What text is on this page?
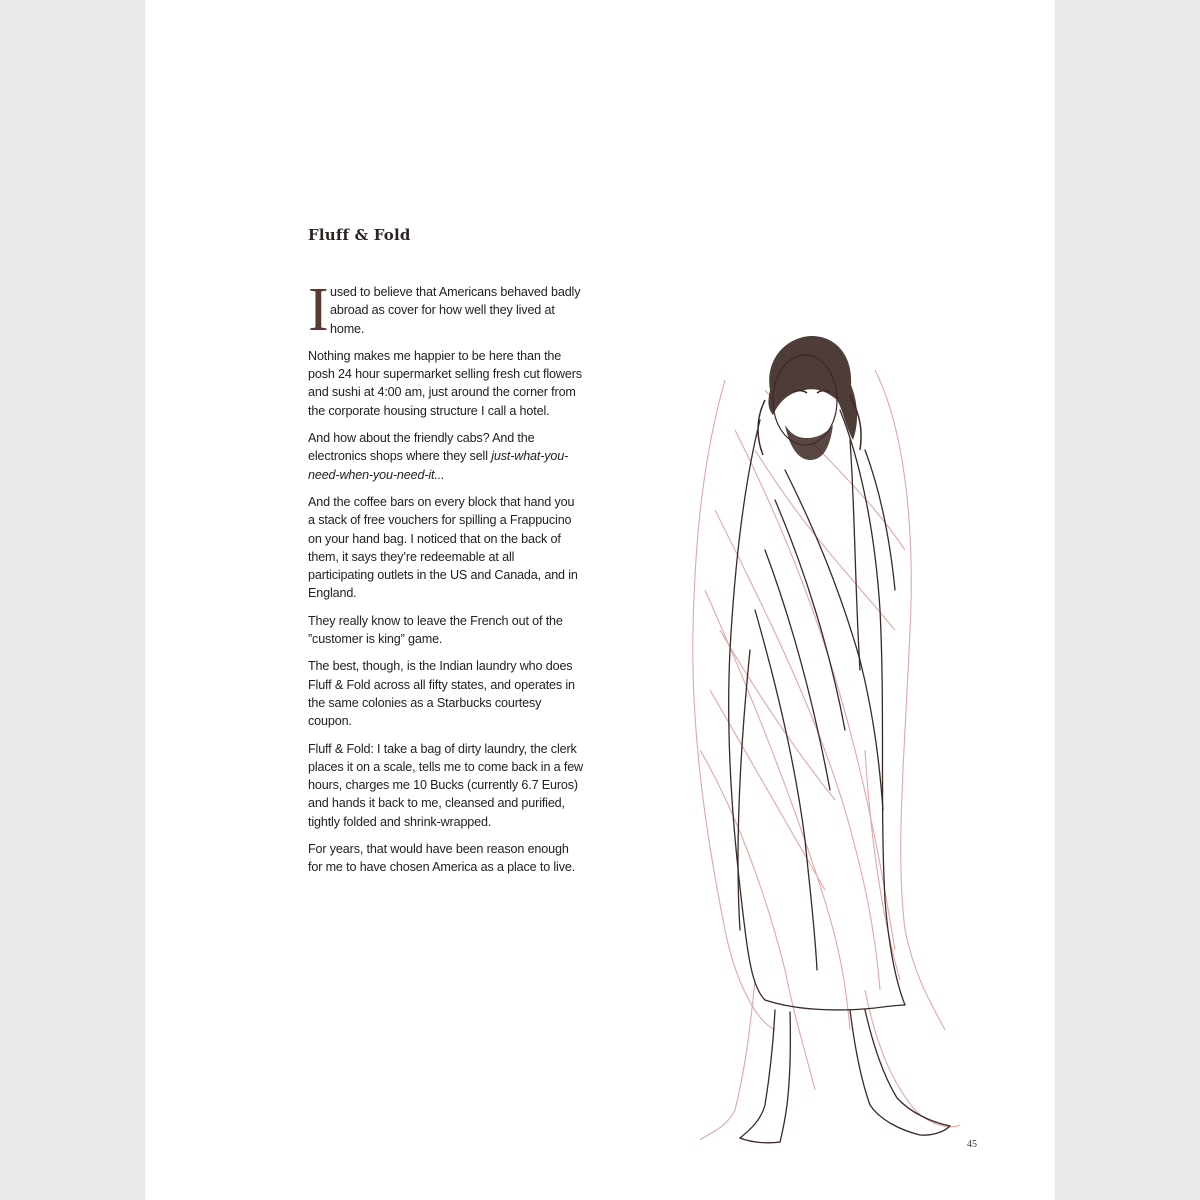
Fluff & Fold

I used to believe that Americans behaved badly abroad as cover for how well they lived at home.

Nothing makes me happier to be here than the posh 24 hour supermarket selling fresh cut flowers and sushi at 4:00 am, just around the corner from the corporate housing structure I call a hotel.

And how about the friendly cabs? And the electronics shops where they sell just-what-you-need-when-you-need-it...

And the coffee bars on every block that hand you a stack of free vouchers for spilling a Frappucino on your hand bag. I noticed that on the back of them, it says they’re redeemable at all participating outlets in the US and Canada, and in England.

They really know to leave the French out of the ”customer is king” game.

The best, though, is the Indian laundry who does Fluff & Fold across all fifty states, and operates in the same colonies as a Starbucks courtesy coupon.

Fluff & Fold: I take a bag of dirty laundry, the clerk places it on a scale, tells me to come back in a few hours, charges me 10 Bucks (currently 6.7 Euros) and hands it back to me, cleansed and purified, tightly folded and shrink-wrapped.

For years, that would have been reason enough for me to have chosen America as a place to live.

45
